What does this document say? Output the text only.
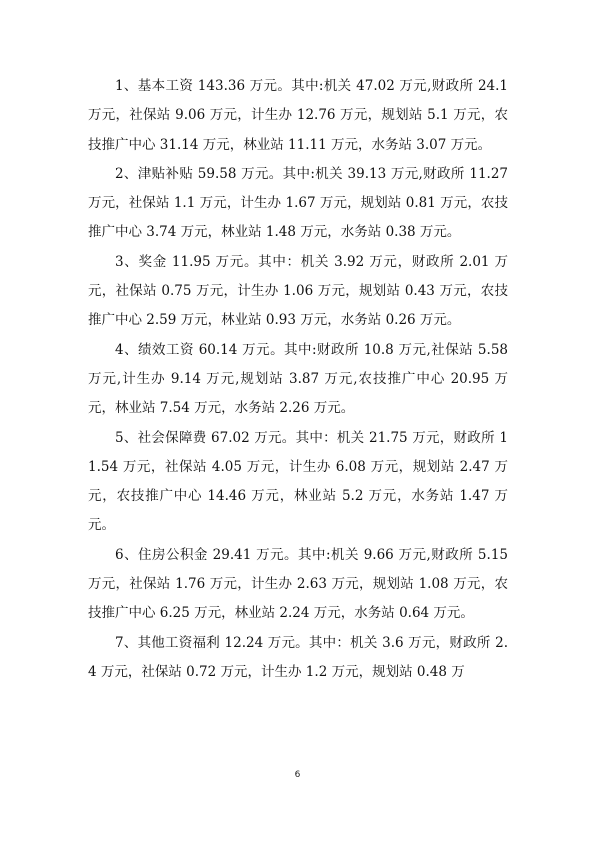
1、基本工资 143.36 万元。其中:机关 47.02 万元,财政所 24.1 万元，社保站 9.06 万元，计生办 12.76 万元，规划站 5.1 万元，农技推广中心 31.14 万元，林业站 11.11 万元，水务站 3.07 万元。

2、津贴补贴 59.58 万元。其中:机关 39.13 万元,财政所 11.27 万元，社保站 1.1 万元，计生办 1.67 万元，规划站 0.81 万元，农技推广中心 3.74 万元，林业站 1.48 万元，水务站 0.38 万元。

3、奖金 11.95 万元。其中：机关 3.92 万元，财政所 2.01 万元，社保站 0.75 万元，计生办 1.06 万元，规划站 0.43 万元，农技推广中心 2.59 万元，林业站 0.93 万元，水务站 0.26 万元。

4、绩效工资 60.14 万元。其中:财政所 10.8 万元,社保站 5.58 万元,计生办 9.14 万元,规划站 3.87 万元,农技推广中心 20.95 万元，林业站 7.54 万元，水务站 2.26 万元。

5、社会保障费 67.02 万元。其中：机关 21.75 万元，财政所 11.54 万元，社保站 4.05 万元，计生办 6.08 万元，规划站 2.47 万元，农技推广中心 14.46 万元，林业站 5.2 万元，水务站 1.47 万元。

6、住房公积金 29.41 万元。其中:机关 9.66 万元,财政所 5.15 万元，社保站 1.76 万元，计生办 2.63 万元，规划站 1.08 万元，农技推广中心 6.25 万元，林业站 2.24 万元，水务站 0.64 万元。

7、其他工资福利 12.24 万元。其中：机关 3.6 万元，财政所 2.4 万元，社保站 0.72 万元，计生办 1.2 万元，规划站 0.48 万

6
